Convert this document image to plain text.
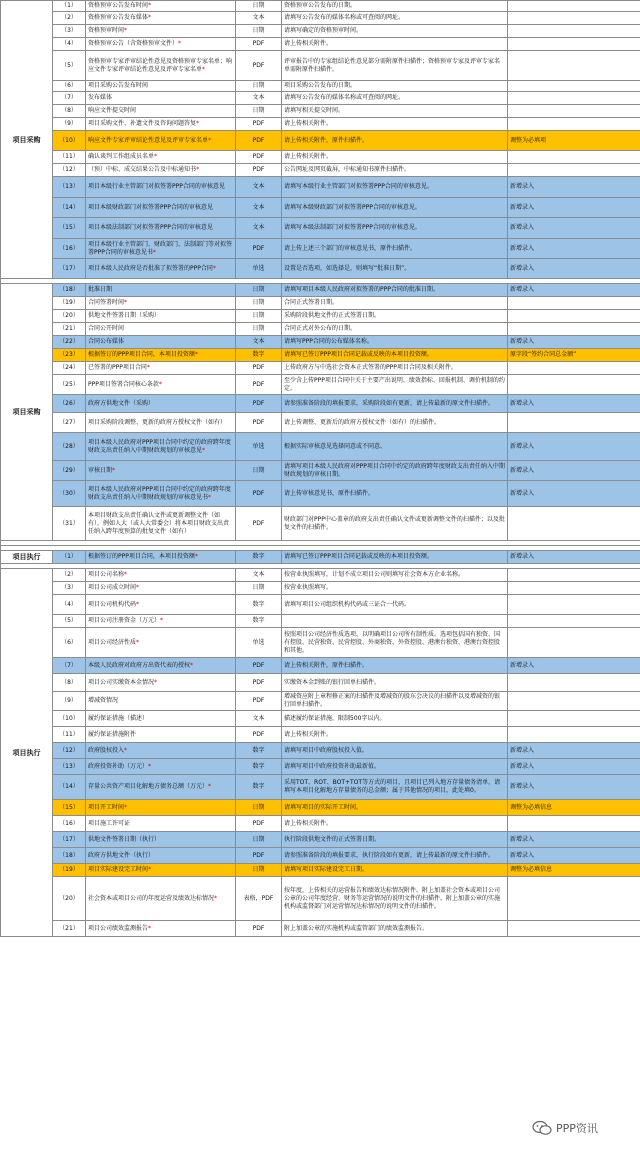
项目采购	（1）	资格预审公告发布时间*	日期	资格预审公告发布的日期。	
	（2）	资格预审公告发布媒体*	文本	请填写公告发布的媒体名称或可查阅的网址。	
	（3）	资格预审时间*	日期	请填写确定的资格预审时间。	
	（4）	资格预审公告（含资格预审文件）*	PDF	请上传相关附件。	
	（5）	资格预审专家评审结论性意见及资格预审专家名单；响应文件专家评审结论性意见及评审专家名单*	PDF	评审报告中的专家组结论性意见部分需附原件扫描件；资格预审专家及评审专家名单需附原件扫描件。	
	（6）	项目采购公告发布时间	日期	项目采购公告发布的日期。	
	（7）	发布媒体	文本	请填写公告发布的媒体名称或可查阅的网址。	
	（8）	响应文件提交时间	日期	请填写相关提交时间。	
	（9）	项目采购文件、补遗文件及咨询问题答复*	PDF	请上传相关附件。	
	（10）	响应文件专家评审结论性意见及评审专家名单*	PDF	请上传相关附件，原件扫描件。	调整为必填项
	（11）	确认谈判工作组成员名单*	PDF	请上传相关附件。	
	（12）	（预）中标、成交结果公告及中标通知书*	PDF	公告网址及网页截屏，中标通知书原件扫描件。	
	（13）	项目本级行业主管部门对拟签署PPP合同的审核意见	文本	请填写本级行业主管部门对拟签署PPP合同的审核意见。	新增录入
	（14）	项目本级财政部门对拟签署PPP合同的审核意见	文本	请填写本级财政部门对拟签署PPP合同的审核意见。	新增录入
	（15）	项目本级法制部门对拟签署PPP合同的审核意见	文本	请填写本级法制部门对拟签署PPP合同的审核意见。	新增录入
	（16）	项目本级行业主管部门、财政部门、法制部门等对拟签署PPP合同的审核意见书*	PDF	请上传上述三个部门的审核意见书，原件扫描件。	新增录入
	（17）	项目本级人民政府是否批准了拟签署的PPP合同*	单选	设置是否选项，如选择是，则填写“批准日期”。	新增录入

项目采购	（18）	批准日期	日期	请填写项目本级人民政府对拟签署的PPP合同的批准日期。	新增录入
	（19）	合同签署时间*	日期	合同正式签署日期。	
	（20）	供地文件签署日期（采购）	日期	采购阶段供地文件的正式签署日期。	
	（21）	合同公开时间	日期	合同正式对外公布的日期。	
	（22）	合同公布媒体	文本	请填写PPP合同的公布媒体名称。	新增录入
	（23）	根据签订的PPP项目合同，本项目投资额*	数字	请填写已签订PPP项目合同记载或反映的本项目投资额。	原字段“签约合同总金额”
	（24）	已签署的PPP项目合同*	PDF	上传政府方与中选社会资本正式签署的PPP项目合同及相关附件。	
	（25）	PPP项目签署合同核心条款*	PDF	至少含上传PPP项目合同中关于主要产出说明、绩效指标、回报机制、调价机制的约定。	
	（26）	政府方供地文件（采购）	PDF	请参照准备阶段的填报要求，采购阶段如有更新，请上传最新的原文件扫描件。	新增录入
	（27）	项目采购阶段调整、更新的政府方授权文件（如有）	PDF	请上传调整、更新后的政府方授权文件（如有）的扫描件。	
	（28）	项目本级人民政府对PPP项目合同中约定的政府跨年度财政支出责任纳入中期财政规划的审核意见*	单选	根据实际审核意见选择同意或不同意。	新增录入
	（29）	审核日期*	日期	请填写项目本级人民政府对PPP项目合同中约定的政府跨年度财政支出责任纳入中期财政规划的审核日期。	新增录入
	（30）	项目本级人民政府对PPP项目合同中约定的政府跨年度财政支出责任纳入中期财政规划的审核意见书*	PDF	请上传审核意见书，原件扫描件。	新增录入
	（31）	本项目财政支出责任确认文件或更新调整文件（如有），例如人大（或人大常委会）将本项目财政支出责任纳入跨年度预算的批复文件（如有）	PDF	财政部门对PPP中心盖章的政府支出责任确认文件或更新调整文件的扫描件；以及批复文件的扫描件。	

项目执行	（1）	根据签订的PPP项目合同，本项目投资额*	数字	请填写已签订PPP项目合同记载或反映的本项目投资额。	新增录入

项目执行	（2）	项目公司名称*	文本	按营业执照填写，计划不成立项目公司则填写社会资本方企业名称。	
	（3）	项目公司成立时间*	日期	按营业执照填写。	
	（4）	项目公司机构代码*	数字	请填写项目公司组织机构代码或三证合一代码。	
	（5）	项目公司注册资金（万元）*	数字		
	（6）	项目公司经济性质*	单选	按照项目公司经济性质选项，以明确项目公司所有制性质。选项包括国有独资、国有控股、民营独资、民营控股、外商独资、外资控股、港澳台独资、港澳台资控股和其他。	
	（7）	本级人民政府对政府方出资代表的授权*	PDF	请上传相关附件，原件扫描件。	新增录入
	（8）	项目公司实缴资本金情况*	PDF	实缴资本金到账的银行回单扫描件。	
	（9）	增减资情况	PDF	增减资应附上章程修正案的扫描件及增减资的股东会决议的扫描件以及增减资的银行回单扫描件。	
	（10）	履约保证措施（描述）	文本	描述履约保证措施，限制500字以内。	
	（11）	履约保证措施附件	PDF	请上传相关附件。	
	（12）	政府股权投入*	数字	请填写项目中政府股权投入值。	新增录入
	（13）	政府投资补助（万元）*	数字	请填写项目中政府投资补助最新值。	新增录入
	（14）	存量公共资产项目化解地方债务总额（万元）*	数字	采用TOT、ROT、BOT+TOT等方式的项目，且项目已列入地方存量债务清单，请填写本项目化解地方存量债务的总金额；属于其他情况的项目，此处填0。	新增录入
	（15）	项目开工时间*	日期	请填写项目的实际开工时间。	调整为必填信息
	（16）	项目施工许可证	PDF	请上传相关附件。	
	（17）	供地文件签署日期（执行）	日期	执行阶段供地文件的正式签署日期。	新增录入
	（18）	政府方供地文件（执行）	PDF	请参照准备阶段的填报要求，执行阶段如有更新，请上传最新的原文件扫描件。	新增录入
	（19）	项目实际建设完工时间*	日期	请填写项目实际建设完工日期。	调整为必填信息
	（20）	社会资本或项目公司的年度运营及绩效达标情况*	表格，PDF	按年度，上传相关的运营报告和绩效达标情况附件。附上加盖社会资本或项目公司公章的公司年度经营、财务等运营情况的说明文件的扫描件。附上加盖公章的实施机构或监督部门对运营情况达标情况的说明文件的扫描件。	
	（21）	项目公司绩效监测报告*	PDF	附上加盖公章的实施机构或监管部门的绩效监测报告。	
PPP资讯
